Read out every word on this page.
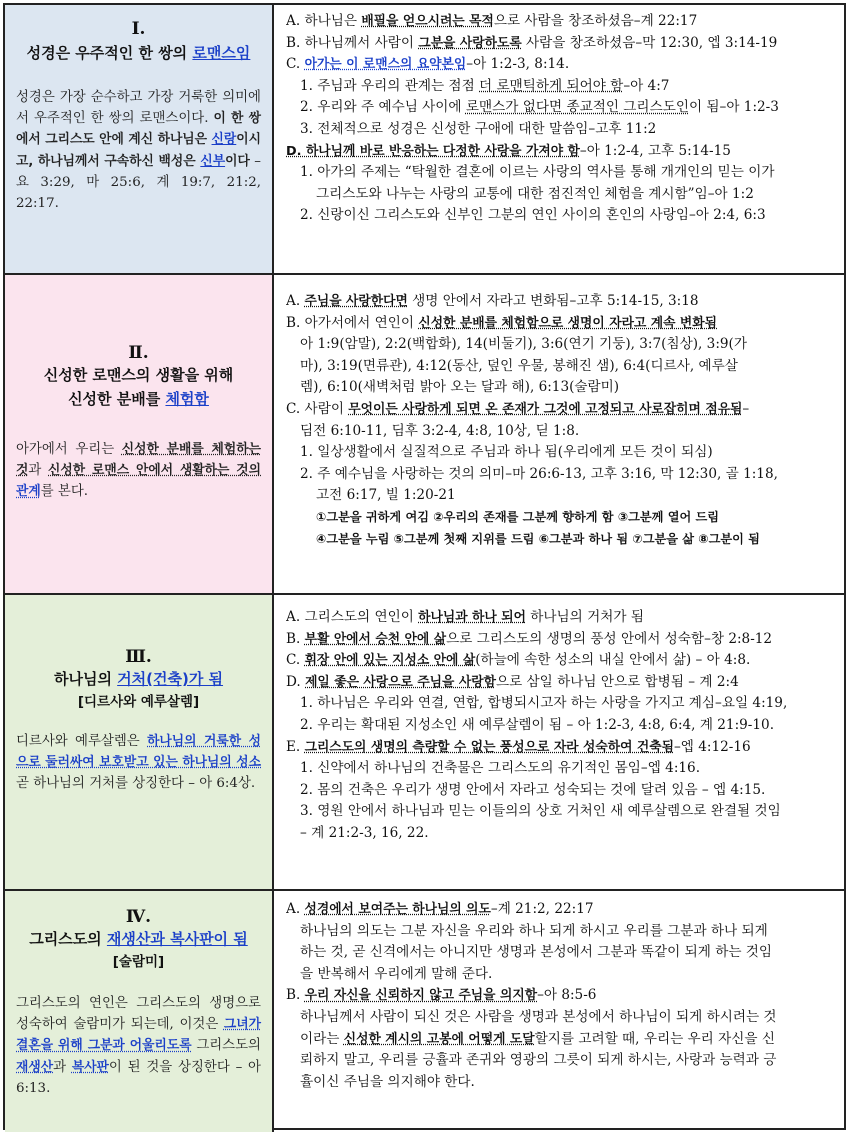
Ⅰ.
성경은 우주적인 한 쌍의 로맨스임
성경은 가장 순수하고 가장 거룩한 의미에서 우주적인 한 쌍의 로맨스이다. 이 한 쌍에서 그리스도 안에 계신 하나님은 신랑이시고, 하나님께서 구속하신 백성은 신부이다 – 요 3:29, 마 25:6, 계 19:7, 21:2, 22:17.
A. 하나님은 배필을 얻으시려는 목적으로 사람을 창조하셨음–계 22:17
B. 하나님께서 사람이 그분을 사랑하도록 사람을 창조하셨음–막 12:30, 엡 3:14-19
C. 아가는 이 로맨스의 요약본임–아 1:2-3, 8:14.
1. 주님과 우리의 관계는 점점 더 로맨틱하게 되어야 함–아 4:7
2. 우리와 주 예수님 사이에 로맨스가 없다면 종교적인 그리스도인이 됨–아 1:2-3
3. 전체적으로 성경은 신성한 구애에 대한 말씀임–고후 11:2
D. 하나님께 바로 반응하는 다정한 사랑을 가져야 함–아 1:2-4, 고후 5:14-15
1. 아가의 주제는 “탁월한 결혼에 이르는 사랑의 역사를 통해 개개인의 믿는 이가
그리스도와 나누는 사랑의 교통에 대한 점진적인 체험을 계시함”임–아 1:2
2. 신랑이신 그리스도와 신부인 그분의 연인 사이의 혼인의 사랑임–아 2:4, 6:3
Ⅱ.
신성한 로맨스의 생활을 위해
신성한 분배를 체험함
아가에서 우리는 신성한 분배를 체험하는 것과 신성한 로맨스 안에서 생활하는 것의 관계를 본다.
A. 주님을 사랑한다면 생명 안에서 자라고 변화됨–고후 5:14-15, 3:18
B. 아가서에서 연인이 신성한 분배를 체험함으로 생명이 자라고 계속 변화됨
아 1:9(암말), 2:2(백합화), 14(비둘기), 3:6(연기 기둥), 3:7(침상), 3:9(가
마), 3:19(면류관), 4:12(동산, 덮인 우물, 봉해진 샘), 6:4(디르사, 예루살
렘), 6:10(새벽처럼 밝아 오는 달과 해), 6:13(술람미)
C. 사람이 무엇이든 사랑하게 되면 온 존재가 그것에 고정되고 사로잡히며 점유됨–
딤전 6:10-11, 딤후 3:2-4, 4:8, 10상, 딛 1:8.
1. 일상생활에서 실질적으로 주님과 하나 됨(우리에게 모든 것이 되심)
2. 주 예수님을 사랑하는 것의 의미–마 26:6-13, 고후 3:16, 막 12:30, 골 1:18,
고전 6:17, 빌 1:20-21
①그분을 귀하게 여김 ②우리의 존재를 그분께 향하게 함 ③그분께 열어 드림
④그분을 누림 ⑤그분께 첫째 지위를 드림 ⑥그분과 하나 됨 ⑦그분을 삶 ⑧그분이 됨
Ⅲ.
하나님의 거처(건축)가 됨
[디르사와 예루살렘]
디르사와 예루살렘은 하나님의 거룩한 성으로 둘러싸여 보호받고 있는 하나님의 성소 곧 하나님의 거처를 상징한다 – 아 6:4상.
A. 그리스도의 연인이 하나님과 하나 되어 하나님의 거처가 됨
B. 부활 안에서 승천 안에 삶으로 그리스도의 생명의 풍성 안에서 성숙함–창 2:8-12
C. 휘장 안에 있는 지성소 안에 삶(하늘에 속한 성소의 내실 안에서 삶) – 아 4:8.
D. 제일 좋은 사랑으로 주님을 사랑함으로 삼일 하나님 안으로 합병됨 – 계 2:4
1. 하나님은 우리와 연결, 연합, 합병되시고자 하는 사랑을 가지고 계심–요일 4:19,
2. 우리는 확대된 지성소인 새 예루살렘이 됨 – 아 1:2-3, 4:8, 6:4, 계 21:9-10.
E. 그리스도의 생명의 측량할 수 없는 풍성으로 자라 성숙하여 건축됨–엡 4:12-16
1. 신약에서 하나님의 건축물은 그리스도의 유기적인 몸임–엡 4:16.
2. 몸의 건축은 우리가 생명 안에서 자라고 성숙되는 것에 달려 있음 – 엡 4:15.
3. 영원 안에서 하나님과 믿는 이들의의 상호 거처인 새 예루살렘으로 완결될 것임
– 계 21:2-3, 16, 22.
Ⅳ.
그리스도의 재생산과 복사판이 됨
[술람미]
그리스도의 연인은 그리스도의 생명으로 성숙하여 술람미가 되는데, 이것은 그녀가 결혼을 위해 그분과 어울리도록 그리스도의 재생산과 복사판이 된 것을 상징한다 – 아 6:13.
A. 성경에서 보여주는 하나님의 의도–계 21:2, 22:17
하나님의 의도는 그분 자신을 우리와 하나 되게 하시고 우리를 그분과 하나 되게
하는 것, 곧 신격에서는 아니지만 생명과 본성에서 그분과 똑같이 되게 하는 것임
을 반복해서 우리에게 말해 준다.
B. 우리 자신을 신뢰하지 않고 주님을 의지함–아 8:5-6
하나님께서 사람이 되신 것은 사람을 생명과 본성에서 하나님이 되게 하시려는 것
이라는 신성한 계시의 고봉에 어떻게 도달할지를 고려할 때, 우리는 우리 자신을 신
뢰하지 말고, 우리를 긍휼과 존귀와 영광의 그릇이 되게 하시는, 사랑과 능력과 긍
휼이신 주님을 의지해야 한다.
